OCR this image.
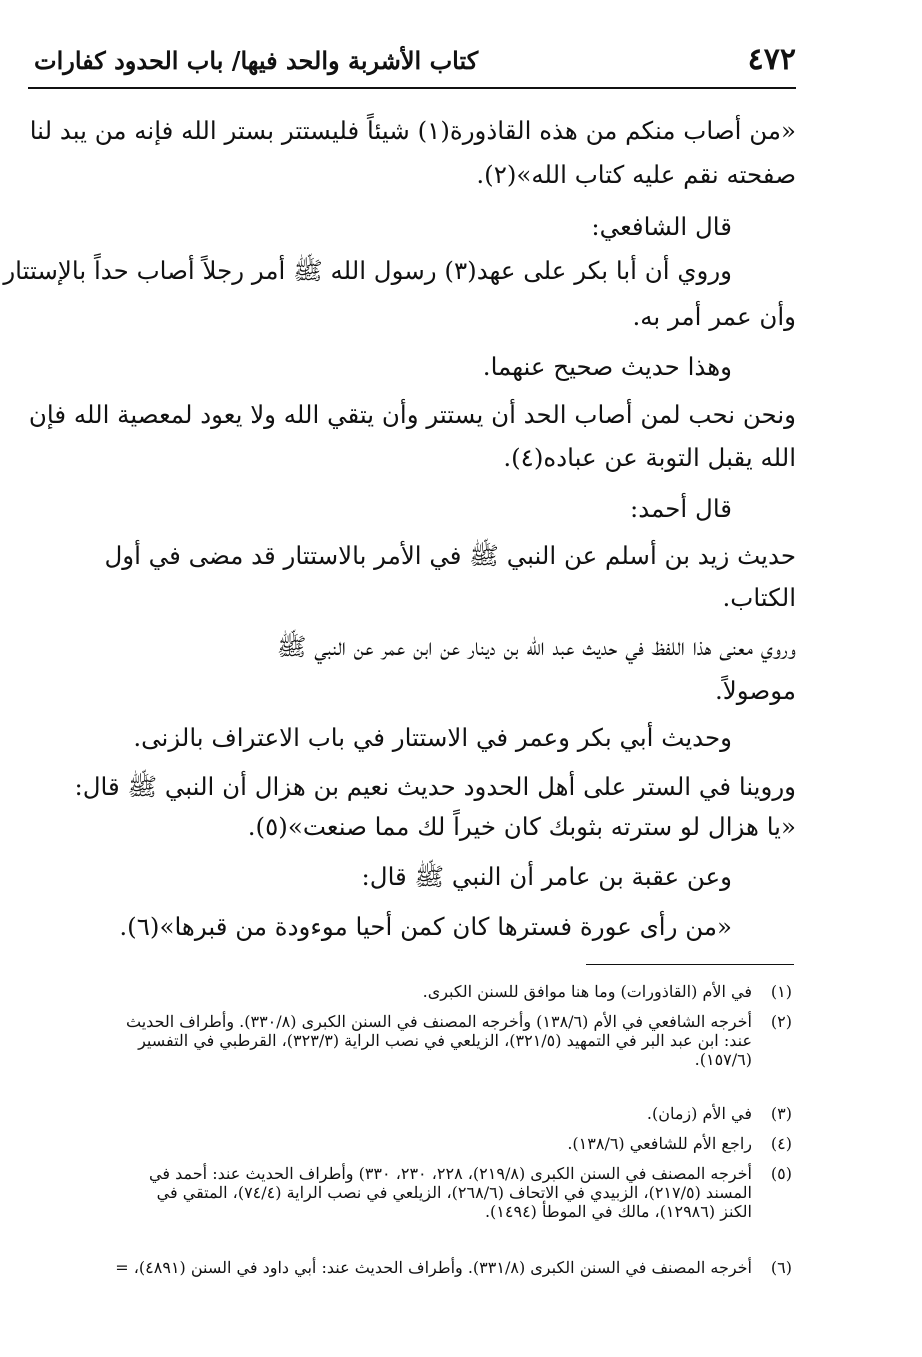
٤٧٢
كتاب الأشربة والحد فيها/ باب الحدود كفارات
«من أصاب منكم من هذه القاذورة(١) شيئاً فليستتر بستر الله فإنه من يبد لنا
صفحته نقم عليه كتاب الله»(٢).
قال الشافعي:
وروي أن أبا بكر على عهد(٣) رسول الله ﷺ أمر رجلاً أصاب حداً بالإستتار
وأن عمر أمر به.
وهذا حديث صحيح عنهما.
ونحن نحب لمن أصاب الحد أن يستتر وأن يتقي الله ولا يعود لمعصية الله فإن
الله يقبل التوبة عن عباده(٤).
قال أحمد:
حديث زيد بن أسلم عن النبي ﷺ في الأمر بالاستتار قد مضى في أول
الكتاب.
وروي معنى هذا اللفظ في حديث عبد الله بن دينار عن ابن عمر عن النبي ﷺ
موصولاً.
وحديث أبي بكر وعمر في الاستتار في باب الاعتراف بالزنى.
وروينا في الستر على أهل الحدود حديث نعيم بن هزال أن النبي ﷺ قال:
«يا هزال لو سترته بثوبك كان خيراً لك مما صنعت»(٥).
وعن عقبة بن عامر أن النبي ﷺ قال:
«من رأى عورة فسترها كان كمن أحيا موءودة من قبرها»(٦).
(١)
في الأم (القاذورات) وما هنا موافق للسنن الكبرى.
(٢)
أخرجه الشافعي في الأم (١٣٨/٦) وأخرجه المصنف في السنن الكبرى (٣٣٠/٨). وأطراف الحديث
عند: ابن عبد البر في التمهيد (٣٢١/٥)، الزيلعي في نصب الراية (٣٢٣/٣)، القرطبي في التفسير
(١٥٧/٦).
(٣)
في الأم (زمان).
(٤)
راجع الأم للشافعي (١٣٨/٦).
(٥)
أخرجه المصنف في السنن الكبرى (٢١٩/٨)، ٢٢٨، ٢٣٠، ٣٣٠) وأطراف الحديث عند: أحمد في
المسند (٢١٧/٥)، الزبيدي في الاتحاف (٢٦٨/٦)، الزيلعي في نصب الراية (٧٤/٤)، المتقي في
الكنز (١٢٩٨٦)، مالك في الموطأ (١٤٩٤).
(٦)
أخرجه المصنف في السنن الكبرى (٣٣١/٨). وأطراف الحديث عند: أبي داود في السنن (٤٨٩١)، =
